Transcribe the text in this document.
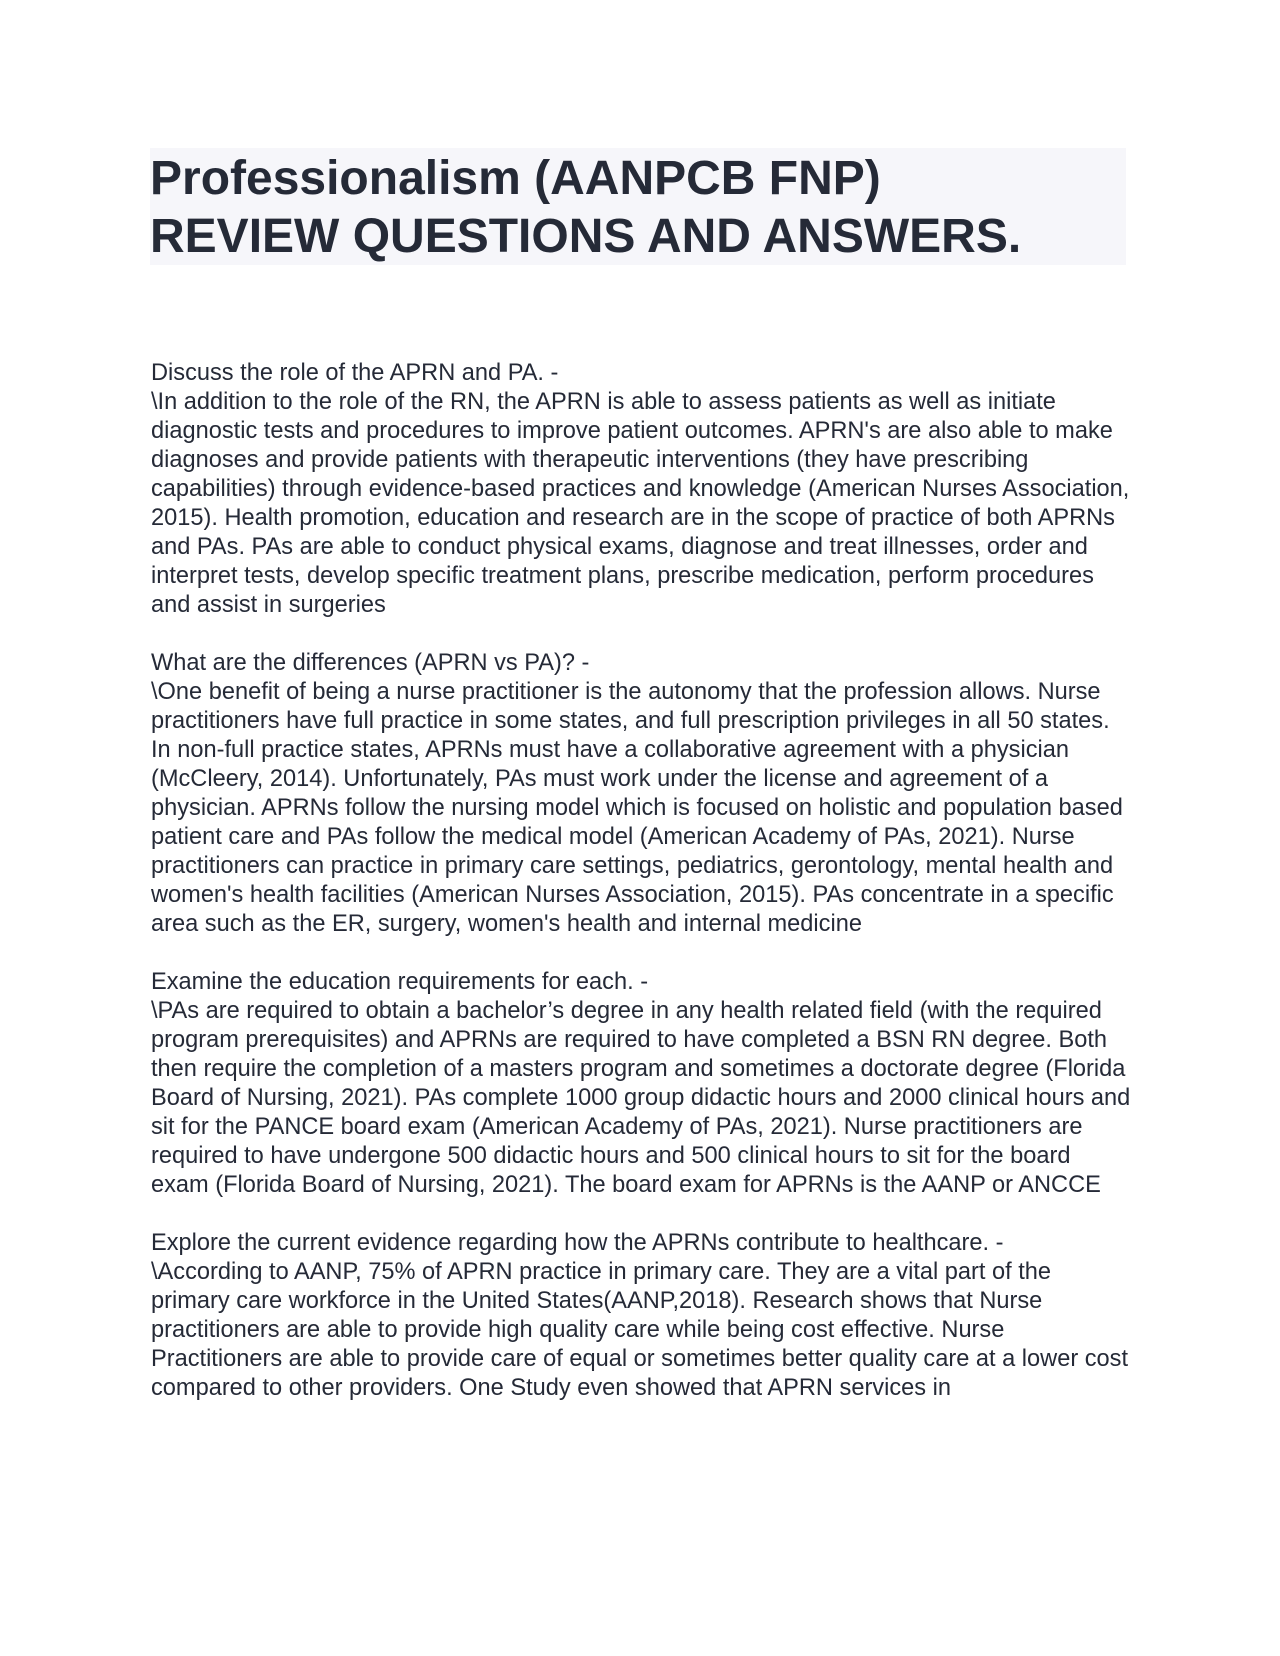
Professionalism (AANPCB FNP)
REVIEW QUESTIONS AND ANSWERS.

Discuss the role of the APRN and PA. -

\In addition to the role of the RN, the APRN is able to assess patients as well as initiate diagnostic tests and procedures to improve patient outcomes. APRN's are also able to make diagnoses and provide patients with therapeutic interventions (they have prescribing capabilities) through evidence-based practices and knowledge (American Nurses Association, 2015). Health promotion, education and research are in the scope of practice of both APRNs and PAs. PAs are able to conduct physical exams, diagnose and treat illnesses, order and interpret tests, develop specific treatment plans, prescribe medication, perform procedures and assist in surgeries

What are the differences (APRN vs PA)? -

\One benefit of being a nurse practitioner is the autonomy that the profession allows. Nurse practitioners have full practice in some states, and full prescription privileges in all 50 states. In non-full practice states, APRNs must have a collaborative agreement with a physician (McCleery, 2014). Unfortunately, PAs must work under the license and agreement of a physician. APRNs follow the nursing model which is focused on holistic and population based patient care and PAs follow the medical model (American Academy of PAs, 2021). Nurse practitioners can practice in primary care settings, pediatrics, gerontology, mental health and women's health facilities (American Nurses Association, 2015). PAs concentrate in a specific area such as the ER, surgery, women's health and internal medicine

Examine the education requirements for each. -

\PAs are required to obtain a bachelor’s degree in any health related field (with the required program prerequisites) and APRNs are required to have completed a BSN RN degree. Both then require the completion of a masters program and sometimes a doctorate degree (Florida Board of Nursing, 2021). PAs complete 1000 group didactic hours and 2000 clinical hours and sit for the PANCE board exam (American Academy of PAs, 2021). Nurse practitioners are required to have undergone 500 didactic hours and 500 clinical hours to sit for the board exam (Florida Board of Nursing, 2021). The board exam for APRNs is the AANP or ANCCE

Explore the current evidence regarding how the APRNs contribute to healthcare. -

\According to AANP, 75% of APRN practice in primary care. They are a vital part of the primary care workforce in the United States(AANP,2018). Research shows that Nurse practitioners are able to provide high quality care while being cost effective. Nurse Practitioners are able to provide care of equal or sometimes better quality care at a lower cost compared to other providers. One Study even showed that APRN services in
